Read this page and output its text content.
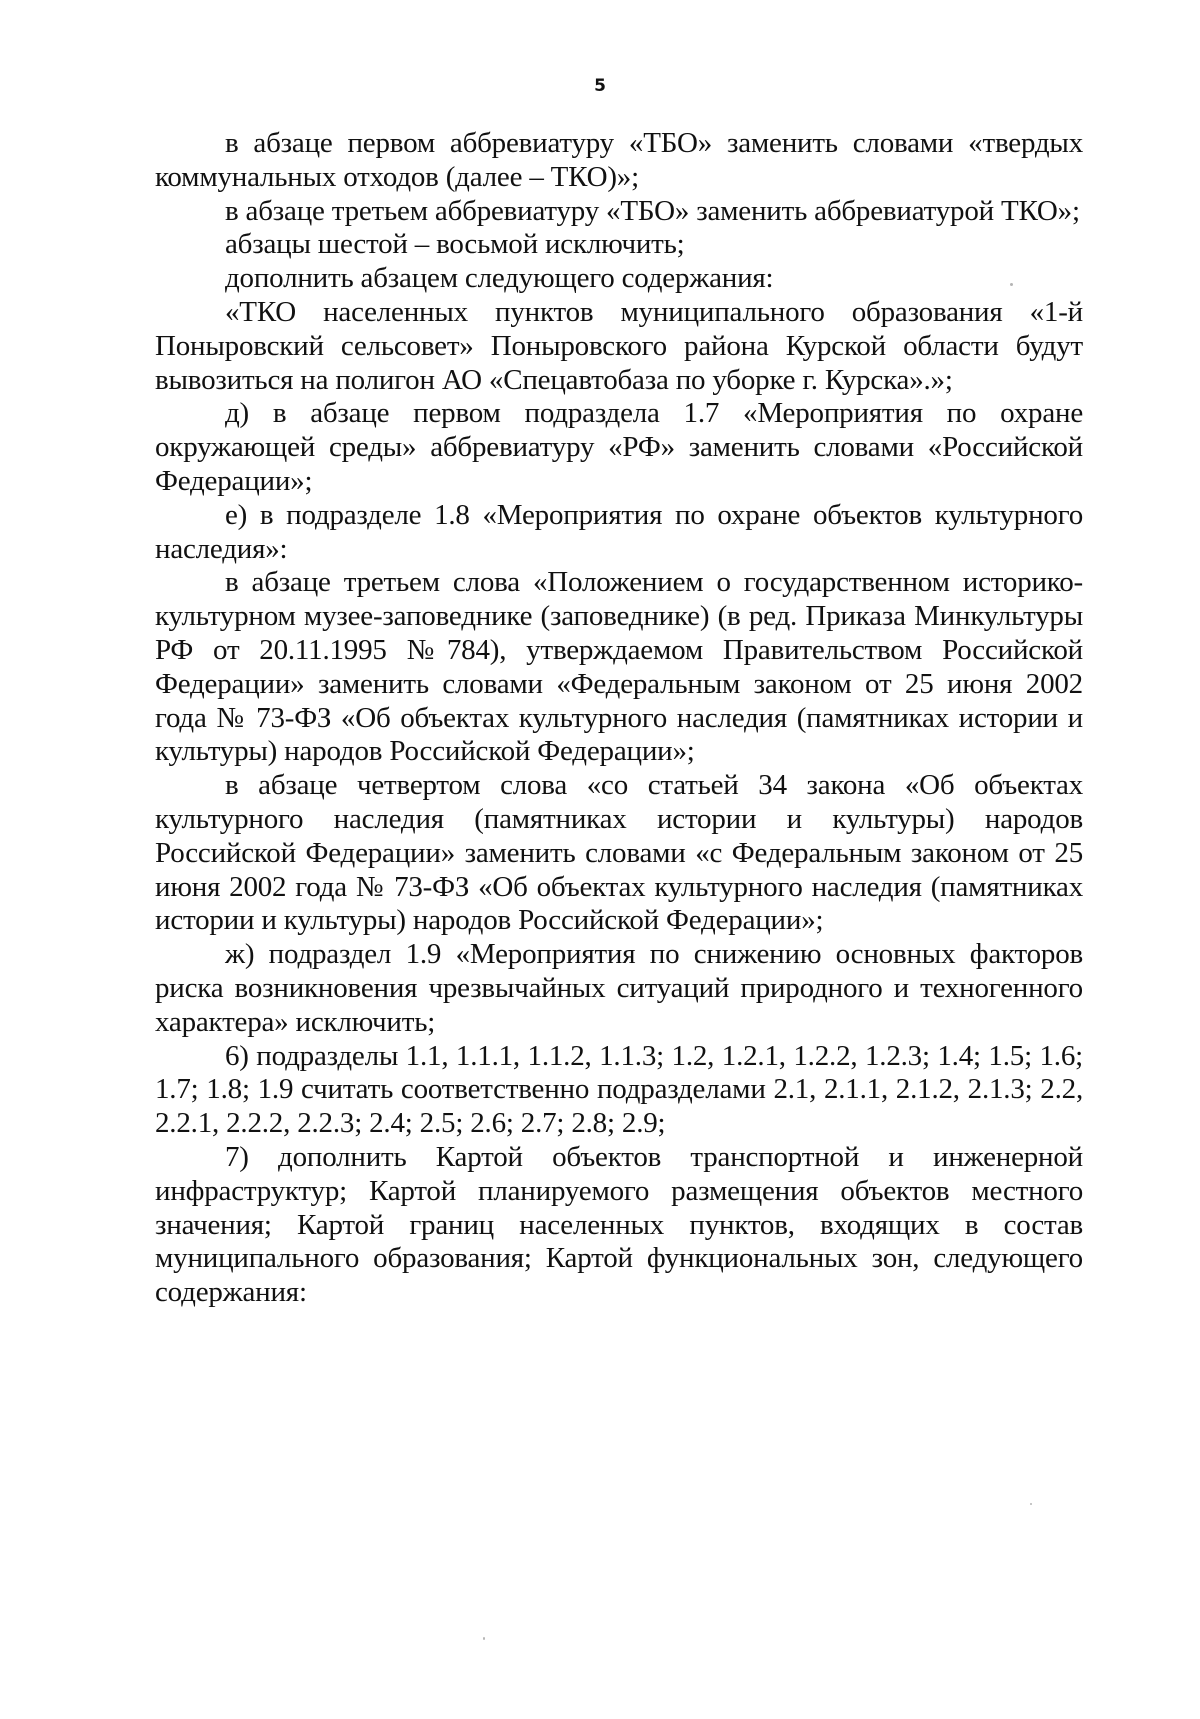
5

в абзаце первом аббревиатуру «ТБО» заменить словами «твердых коммунальных отходов (далее – ТКО)»;

в абзаце третьем аббревиатуру «ТБО» заменить аббревиатурой ТКО»;

абзацы шестой – восьмой исключить;

дополнить абзацем следующего содержания:

«ТКО населенных пунктов муниципального образования «1-й Поныровский сельсовет» Поныровского района Курской области будут вывозиться на полигон АО «Спецавтобаза по уборке г. Курска».»;

д) в абзаце первом подраздела 1.7 «Мероприятия по охране окружающей среды» аббревиатуру «РФ» заменить словами «Российской Федерации»;

е) в подразделе 1.8 «Мероприятия по охране объектов культурного наследия»:

в абзаце третьем слова «Положением о государственном историко-культурном музее-заповеднике (заповеднике) (в ред. Приказа Минкультуры РФ от 20.11.1995 №784), утверждаемом Правительством Российской Федерации» заменить словами «Федеральным законом от 25 июня 2002 года № 73-ФЗ «Об объектах культурного наследия (памятниках истории и культуры) народов Российской Федерации»;

в абзаце четвертом слова «со статьей 34 закона «Об объектах культурного наследия (памятниках истории и культуры) народов Российской Федерации» заменить словами «с Федеральным законом от 25 июня 2002 года № 73-ФЗ «Об объектах культурного наследия (памятниках истории и культуры) народов Российской Федерации»;

ж) подраздел 1.9 «Мероприятия по снижению основных факторов риска возникновения чрезвычайных ситуаций природного и техногенного характера» исключить;

6) подразделы 1.1, 1.1.1, 1.1.2, 1.1.3; 1.2, 1.2.1, 1.2.2, 1.2.3; 1.4; 1.5; 1.6; 1.7; 1.8; 1.9 считать соответственно подразделами 2.1, 2.1.1, 2.1.2, 2.1.3; 2.2, 2.2.1, 2.2.2, 2.2.3; 2.4; 2.5; 2.6; 2.7; 2.8; 2.9;

7) дополнить Картой объектов транспортной и инженерной инфраструктур; Картой планируемого размещения объектов местного значения; Картой границ населенных пунктов, входящих в состав муниципального образования; Картой функциональных зон, следующего содержания:
